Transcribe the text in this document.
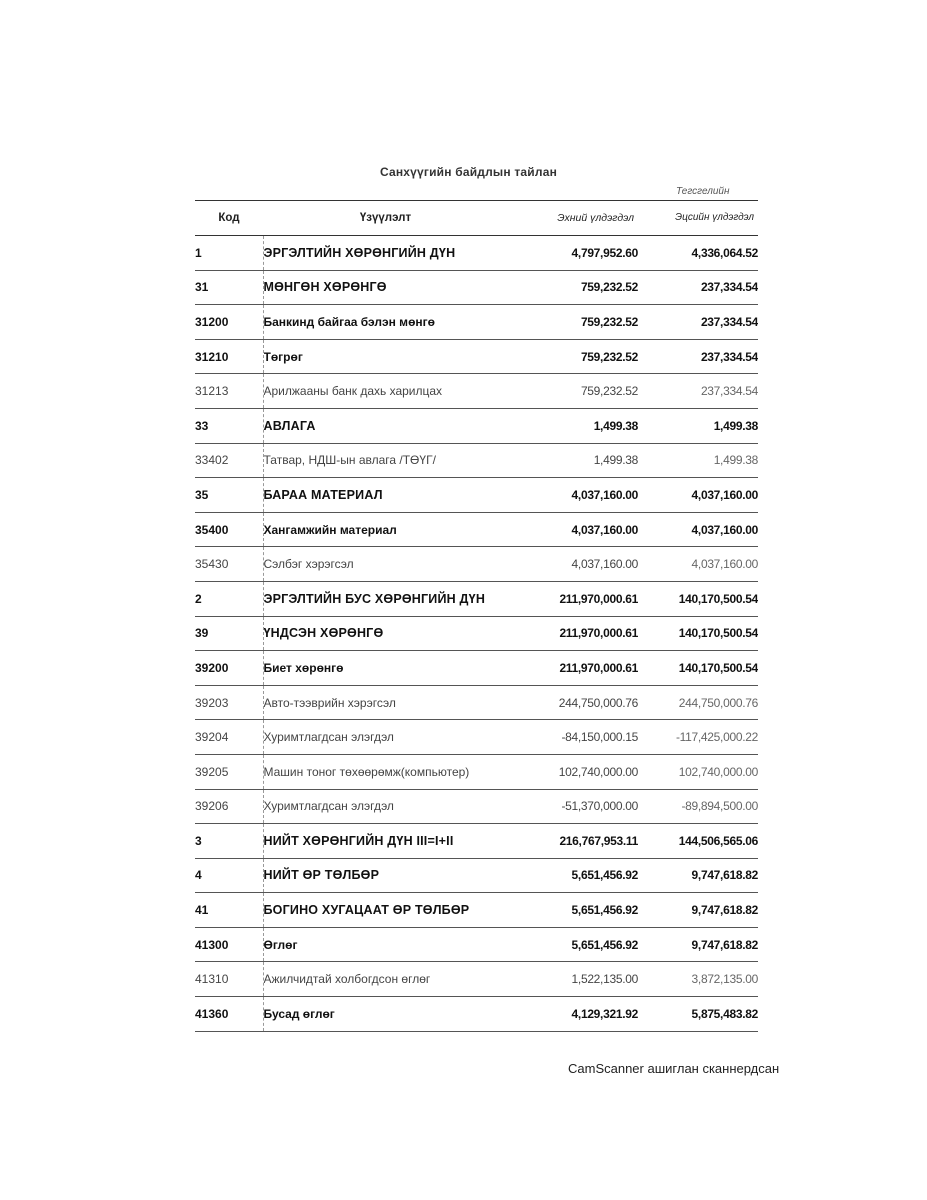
Санхүүгийн байдлын тайлан
Тегсгелийн
Код	Үзүүлэлт	Эхний үлдэгдэл	Эцсийн үлдэгдэл
1	ЭРГЭЛТИЙН ХӨРӨНГИЙН ДҮН	4,797,952.60	4,336,064.52
31	МӨНГӨН ХӨРӨНГӨ	759,232.52	237,334.54
31200	Банкинд байгаа бэлэн мөнгө	759,232.52	237,334.54
31210	Төгрөг	759,232.52	237,334.54
31213	Арилжааны банк дахь харилцах	759,232.52	237,334.54
33	АВЛАГА	1,499.38	1,499.38
33402	Татвар, НДШ-ын авлага /ТӨҮГ/	1,499.38	1,499.38
35	БАРАА МАТЕРИАЛ	4,037,160.00	4,037,160.00
35400	Хангамжийн материал	4,037,160.00	4,037,160.00
35430	Сэлбэг хэрэгсэл	4,037,160.00	4,037,160.00
2	ЭРГЭЛТИЙН БУС ХӨРӨНГИЙН ДҮН	211,970,000.61	140,170,500.54
39	ҮНДСЭН ХӨРӨНГӨ	211,970,000.61	140,170,500.54
39200	Биет хөрөнгө	211,970,000.61	140,170,500.54
39203	Авто-тээврийн хэрэгсэл	244,750,000.76	244,750,000.76
39204	Хуримтлагдсан элэгдэл	-84,150,000.15	-117,425,000.22
39205	Машин тоног төхөөрөмж(компьютер)	102,740,000.00	102,740,000.00
39206	Хуримтлагдсан элэгдэл	-51,370,000.00	-89,894,500.00
3	НИЙТ ХӨРӨНГИЙН ДҮН III=I+II	216,767,953.11	144,506,565.06
4	НИЙТ ӨР ТӨЛБӨР	5,651,456.92	9,747,618.82
41	БОГИНО ХУГАЦААТ ӨР ТӨЛБӨР	5,651,456.92	9,747,618.82
41300	Өглөг	5,651,456.92	9,747,618.82
41310	Ажилчидтай холбогдсон өглөг	1,522,135.00	3,872,135.00
41360	Бусад өглөг	4,129,321.92	5,875,483.82
CamScanner ашиглан сканнердсан
